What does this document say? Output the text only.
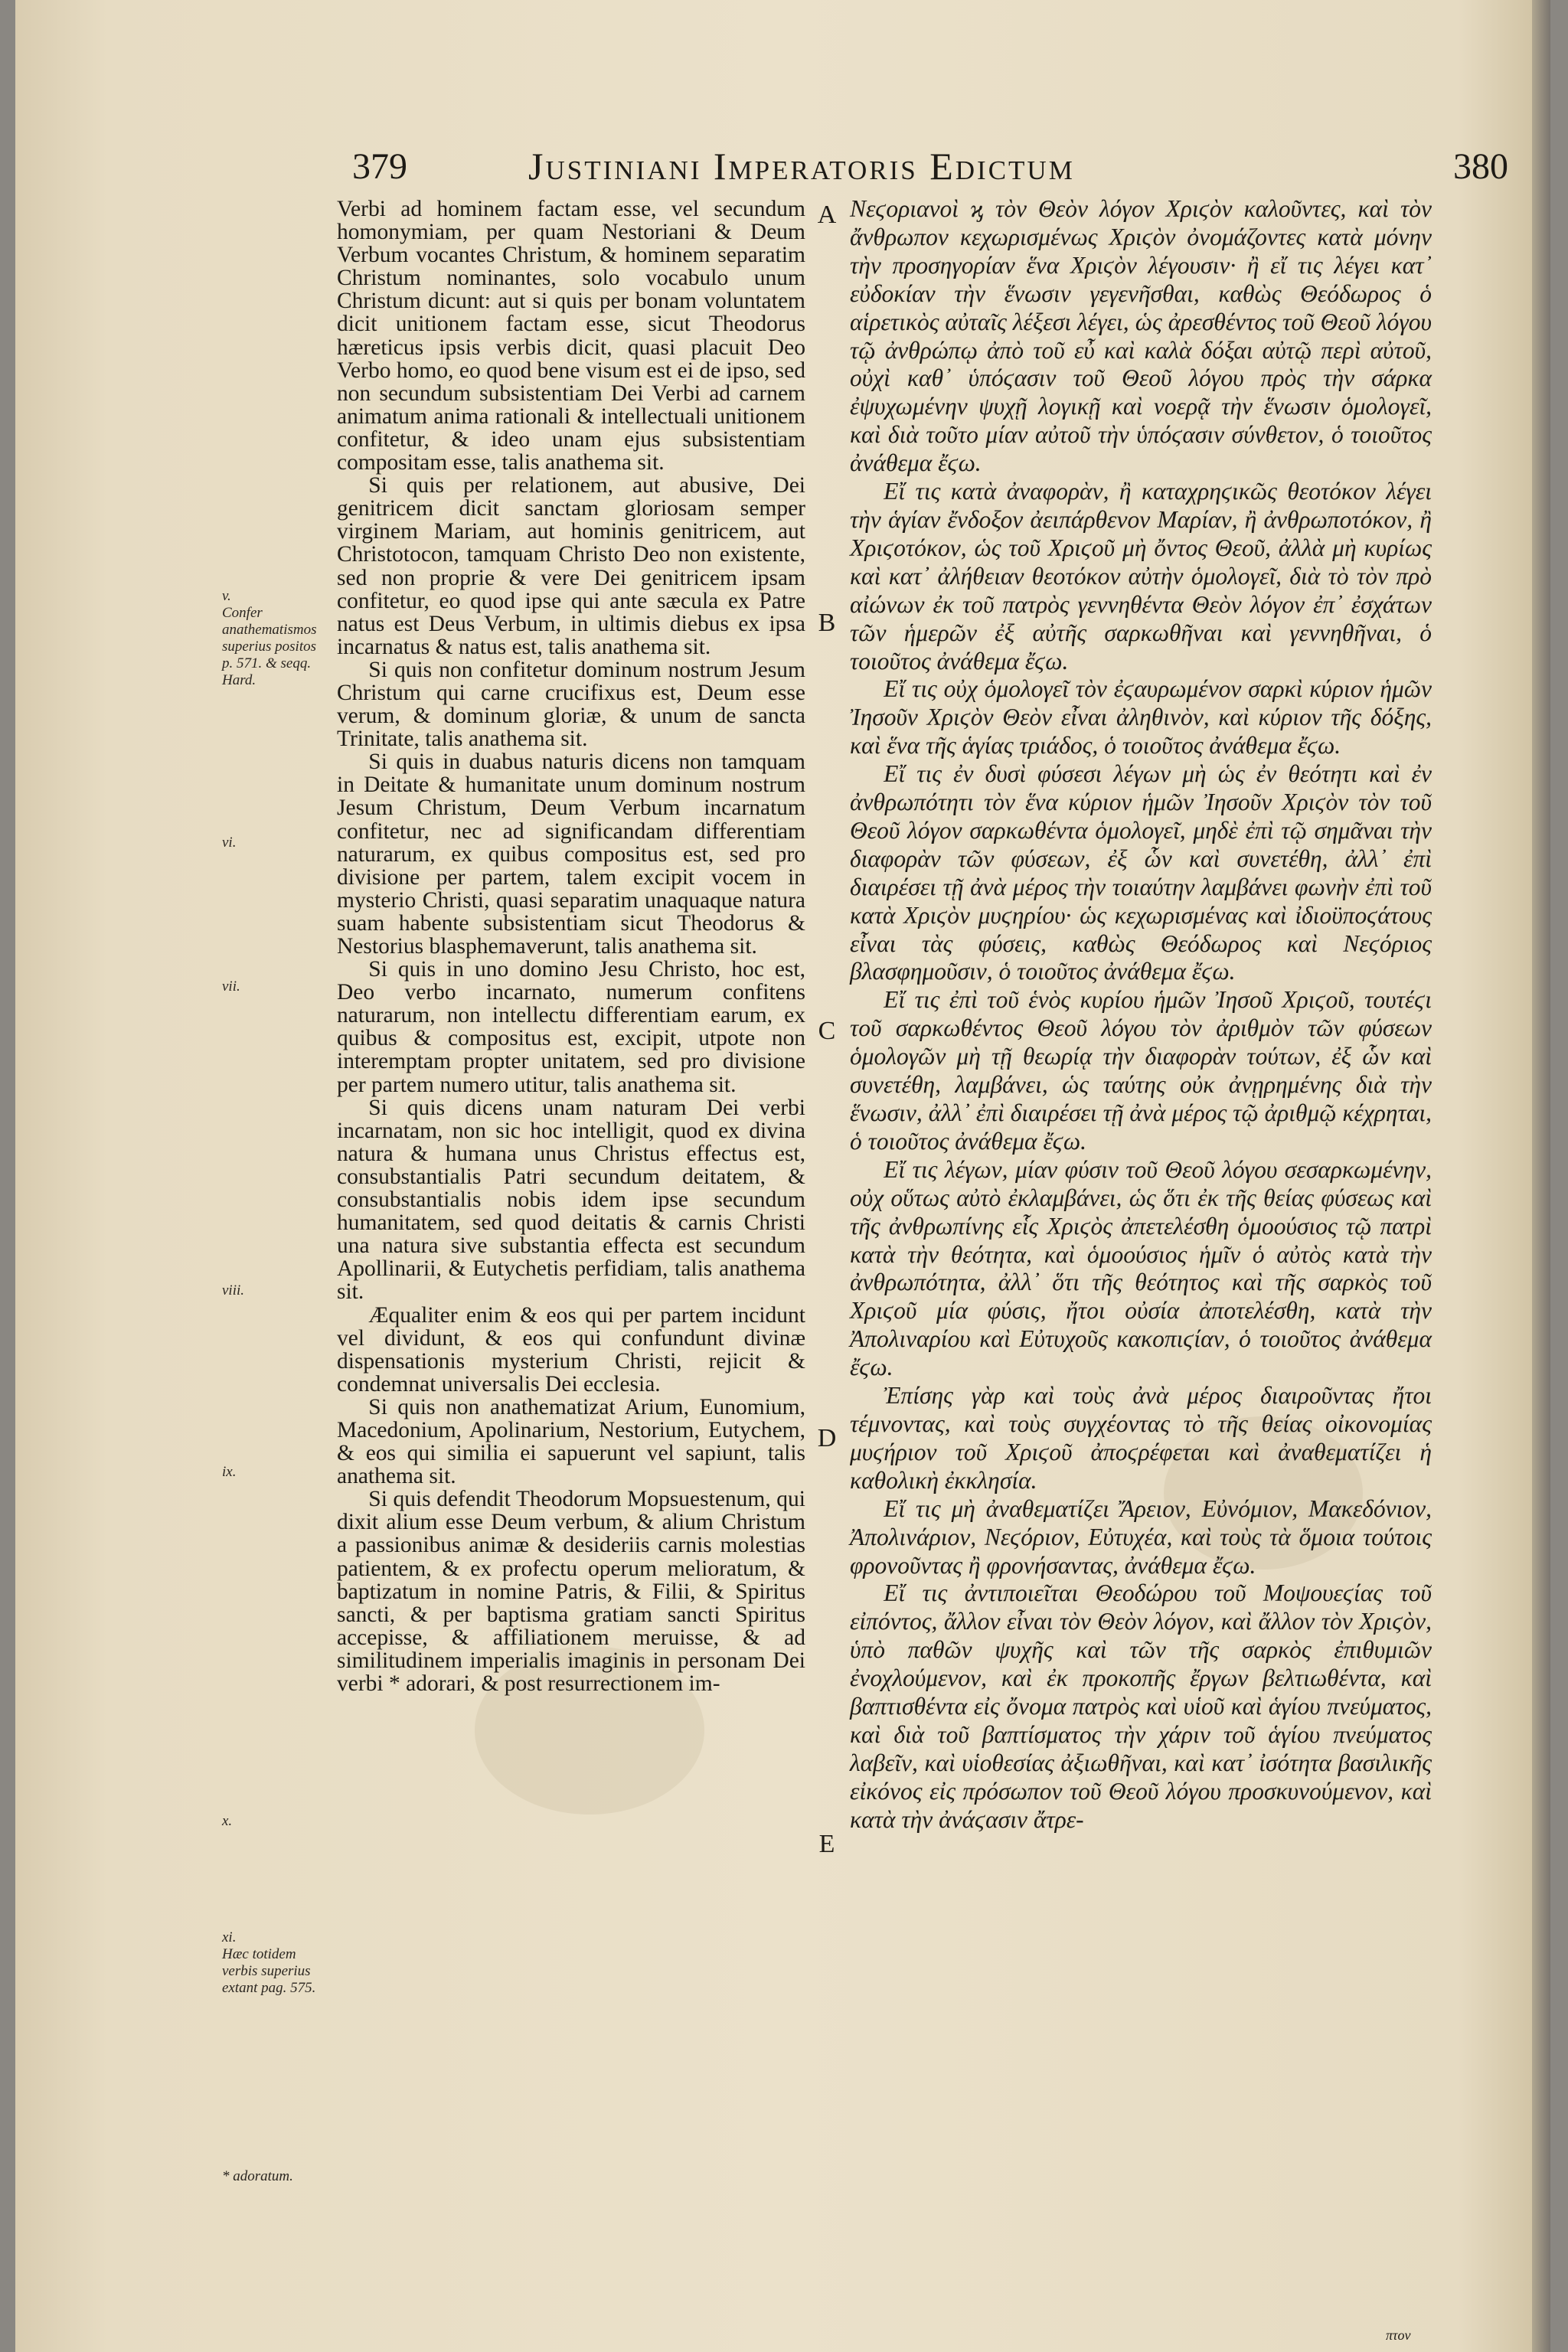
379	Justiniani Imperatoris Edictum	380
v.
Confer anathematismos superius positos p. 571. & seqq. Hard.
vi.
vii.
viii.
ix.
x.
xi.
Hæc totidem verbis superius extant pag. 575.
* adoratum.
A
B
C
D
E

Verbi ad hominem factam esse, vel secundum homonymiam, per quam Nestoriani & Deum Verbum vocantes Christum, & hominem separatim Christum nominantes, solo vocabulo unum Christum dicunt: aut si quis per bonam voluntatem dicit unitionem factam esse, sicut Theodorus hæreticus ipsis verbis dicit, quasi placuit Deo Verbo homo, eo quod bene visum est ei de ipso, sed non secundum subsistentiam Dei Verbi ad carnem animatum anima rationali & intellectuali unitionem confitetur, & ideo unam ejus subsistentiam compositam esse, talis anathema sit.

Si quis per relationem, aut abusive, Dei genitricem dicit sanctam gloriosam semper virginem Mariam, aut hominis genitricem, aut Christotocon, tamquam Christo Deo non existente, sed non proprie & vere Dei genitricem ipsam confitetur, eo quod ipse qui ante sæcula ex Patre natus est Deus Verbum, in ultimis diebus ex ipsa incarnatus & natus est, talis anathema sit.

Si quis non confitetur dominum nostrum Jesum Christum qui carne crucifixus est, Deum esse verum, & dominum gloriæ, & unum de sancta Trinitate, talis anathema sit.

Si quis in duabus naturis dicens non tamquam in Deitate & humanitate unum dominum nostrum Jesum Christum, Deum Verbum incarnatum confitetur, nec ad significandam differentiam naturarum, ex quibus compositus est, sed pro divisione per partem, talem excipit vocem in mysterio Christi, quasi separatim unaquaque natura suam habente subsistentiam sicut Theodorus & Nestorius blasphemaverunt, talis anathema sit.

Si quis in uno domino Jesu Christo, hoc est, Deo verbo incarnato, numerum confitens naturarum, non intellectu differentiam earum, ex quibus & compositus est, excipit, utpote non interemptam propter unitatem, sed pro divisione per partem numero utitur, talis anathema sit.

Si quis dicens unam naturam Dei verbi incarnatam, non sic hoc intelligit, quod ex divina natura & humana unus Christus effectus est, consubstantialis Patri secundum deitatem, & consubstantialis nobis idem ipse secundum humanitatem, sed quod deitatis & carnis Christi una natura sive substantia effecta est secundum Apollinarii, & Eutychetis perfidiam, talis anathema sit.

Æqualiter enim & eos qui per partem incidunt vel dividunt, & eos qui confundunt divinæ dispensationis mysterium Christi, rejicit & condemnat universalis Dei ecclesia.

Si quis non anathematizat Arium, Eunomium, Macedonium, Apolinarium, Nestorium, Eutychem, & eos qui similia ei sapuerunt vel sapiunt, talis anathema sit.

Si quis defendit Theodorum Mopsuestenum, qui dixit alium esse Deum verbum, & alium Christum a passionibus animæ & desideriis carnis molestias patientem, & ex profectu operum melioratum, & baptizatum in nomine Patris, & Filii, & Spiritus sancti, & per baptisma gratiam sancti Spiritus accepisse, & affiliationem meruisse, & ad similitudinem imperialis imaginis in personam Dei verbi * adorari, & post resurrectionem im-

Νεϛοριανοὶ ϗ τὸν Θεὸν λόγον Χριϛὸν καλοῦντες, καὶ τὸν ἄνθρωπον κεχωρισμένως Χριϛὸν ὀνομάζοντες κατὰ μόνην τὴν προσηγορίαν ἕνα Χριϛὸν λέγουσιν· ἢ εἴ τις λέγει κατ᾽ εὐδοκίαν τὴν ἕνωσιν γεγενῆσθαι, καθὼς Θεόδωρος ὁ αἱρετικὸς αὐταῖς λέξεσι λέγει, ὡς ἀρεσθέντος τοῦ Θεοῦ λόγου τῷ ἀνθρώπῳ ἀπὸ τοῦ εὖ καὶ καλὰ δόξαι αὐτῷ περὶ αὐτοῦ, οὐχὶ καθ᾽ ὑπόϛασιν τοῦ Θεοῦ λόγου πρὸς τὴν σάρκα ἐψυχωμένην ψυχῇ λογικῇ καὶ νοερᾷ τὴν ἕνωσιν ὁμολογεῖ, καὶ διὰ τοῦτο μίαν αὐτοῦ τὴν ὑπόϛασιν σύνθετον, ὁ τοιοῦτος ἀνάθεμα ἔϛω.

Εἴ τις κατὰ ἀναφορὰν, ἢ καταχρηϛικῶς θεοτόκον λέγει τὴν ἁγίαν ἔνδοξον ἀειπάρθενον Μαρίαν, ἢ ἀνθρωποτόκον, ἢ Χριϛοτόκον, ὡς τοῦ Χριϛοῦ μὴ ὄντος Θεοῦ, ἀλλὰ μὴ κυρίως καὶ κατ᾽ ἀλήθειαν θεοτόκον αὐτὴν ὁμολογεῖ, διὰ τὸ τὸν πρὸ αἰώνων ἐκ τοῦ πατρὸς γεννηθέντα Θεὸν λόγον ἐπ᾽ ἐσχάτων τῶν ἡμερῶν ἐξ αὐτῆς σαρκωθῆναι καὶ γεννηθῆναι, ὁ τοιοῦτος ἀνάθεμα ἔϛω.

Εἴ τις οὐχ ὁμολογεῖ τὸν ἐϛαυρωμένον σαρκὶ κύριον ἡμῶν Ἰησοῦν Χριϛὸν Θεὸν εἶναι ἀληθινὸν, καὶ κύριον τῆς δόξης, καὶ ἕνα τῆς ἁγίας τριάδος, ὁ τοιοῦτος ἀνάθεμα ἔϛω.

Εἴ τις ἐν δυσὶ φύσεσι λέγων μὴ ὡς ἐν θεότητι καὶ ἐν ἀνθρωπότητι τὸν ἕνα κύριον ἡμῶν Ἰησοῦν Χριϛὸν τὸν τοῦ Θεοῦ λόγον σαρκωθέντα ὁμολογεῖ, μηδὲ ἐπὶ τῷ σημᾶναι τὴν διαφορὰν τῶν φύσεων, ἐξ ὧν καὶ συνετέθη, ἀλλ᾽ ἐπὶ διαιρέσει τῇ ἀνὰ μέρος τὴν τοιαύτην λαμβάνει φωνὴν ἐπὶ τοῦ κατὰ Χριϛὸν μυϛηρίου· ὡς κεχωρισμένας καὶ ἰδιοϋποϛάτους εἶναι τὰς φύσεις, καθὼς Θεόδωρος καὶ Νεϛόριος βλασφημοῦσιν, ὁ τοιοῦτος ἀνάθεμα ἔϛω.

Εἴ τις ἐπὶ τοῦ ἑνὸς κυρίου ἡμῶν Ἰησοῦ Χριϛοῦ, τουτέϛι τοῦ σαρκωθέντος Θεοῦ λόγου τὸν ἀριθμὸν τῶν φύσεων ὁμολογῶν μὴ τῇ θεωρίᾳ τὴν διαφορὰν τούτων, ἐξ ὧν καὶ συνετέθη, λαμβάνει, ὡς ταύτης οὐκ ἀνῃρημένης διὰ τὴν ἕνωσιν, ἀλλ᾽ ἐπὶ διαιρέσει τῇ ἀνὰ μέρος τῷ ἀριθμῷ κέχρηται, ὁ τοιοῦτος ἀνάθεμα ἔϛω.

Εἴ τις λέγων, μίαν φύσιν τοῦ Θεοῦ λόγου σεσαρκωμένην, οὐχ οὕτως αὐτὸ ἐκλαμβάνει, ὡς ὅτι ἐκ τῆς θείας φύσεως καὶ τῆς ἀνθρωπίνης εἷς Χριϛὸς ἀπετελέσθη ὁμοούσιος τῷ πατρὶ κατὰ τὴν θεότητα, καὶ ὁμοούσιος ἡμῖν ὁ αὐτὸς κατὰ τὴν ἀνθρωπότητα, ἀλλ᾽ ὅτι τῆς θεότητος καὶ τῆς σαρκὸς τοῦ Χριϛοῦ μία φύσις, ἤτοι οὐσία ἀποτελέσθη, κατὰ τὴν Ἀπολιναρίου καὶ Εὐτυχοῦς κακοπιϛίαν, ὁ τοιοῦτος ἀνάθεμα ἔϛω.

Ἐπίσης γὰρ καὶ τοὺς ἀνὰ μέρος διαιροῦντας ἤτοι τέμνοντας, καὶ τοὺς συγχέοντας τὸ τῆς θείας οἰκονομίας μυϛήριον τοῦ Χριϛοῦ ἀποϛρέφεται καὶ ἀναθεματίζει ἡ καθολικὴ ἐκκλησία.

Εἴ τις μὴ ἀναθεματίζει Ἄρειον, Εὐνόμιον, Μακεδόνιον, Ἀπολινάριον, Νεϛόριον, Εὐτυχέα, καὶ τοὺς τὰ ὅμοια τούτοις φρονοῦντας ἢ φρονήσαντας, ἀνάθεμα ἔϛω.

Εἴ τις ἀντιποιεῖται Θεοδώρου τοῦ Μοψουεϛίας τοῦ εἰπόντος, ἄλλον εἶναι τὸν Θεὸν λόγον, καὶ ἄλλον τὸν Χριϛὸν, ὑπὸ παθῶν ψυχῆς καὶ τῶν τῆς σαρκὸς ἐπιθυμιῶν ἐνοχλούμενον, καὶ ἐκ προκοπῆς ἔργων βελτιωθέντα, καὶ βαπτισθέντα εἰς ὄνομα πατρὸς καὶ υἱοῦ καὶ ἁγίου πνεύματος, καὶ διὰ τοῦ βαπτίσματος τὴν χάριν τοῦ ἁγίου πνεύματος λαβεῖν, καὶ υἱοθεσίας ἀξιωθῆναι, καὶ κατ᾽ ἰσότητα βασιλικῆς εἰκόνος εἰς πρόσωπον τοῦ Θεοῦ λόγου προσκυνούμενον, καὶ κατὰ τὴν ἀνάϛασιν ἄτρε-

πτον
